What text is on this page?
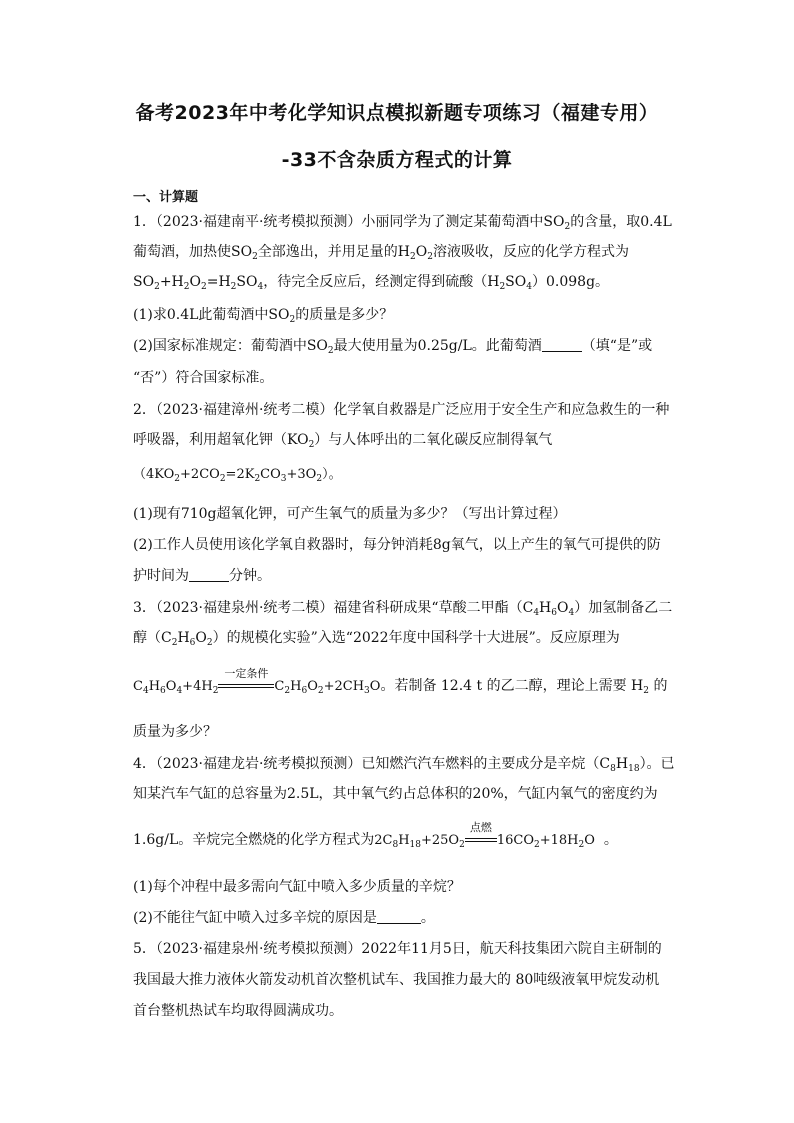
备考2023年中考化学知识点模拟新题专项练习（福建专用）
-33不含杂质方程式的计算
一、计算题
1．（2023·福建南平·统考模拟预测）小丽同学为了测定某葡萄酒中$SO_2$的含量，取0.4L
葡萄酒，加热使$SO_2$全部逸出，并用足量的$H_2O_2$溶液吸收，反应的化学方程式为
$SO_2+H_2O_2=H_2SO_4$，待完全反应后，经测定得到硫酸$(H_2SO_4)0.098g$。
(1)求0.4L此葡萄酒中$SO_2$的质量是多少？
(2)国家标准规定：葡萄酒中$SO_2$最大使用量为0.25g/L。此葡萄酒	（填“是”或
“否”）符合国家标准。
2．（2023·福建漳州·统考二模）化学氧自救器是广泛应用于安全生产和应急救生的一种
呼吸器，利用超氧化钾$(KO_2)$与人体呼出的二氧化碳反应制得氧气
$(4KO_2+2CO_2=2K_2CO_3+3O_2)$。
(1)现有710g超氧化钾，可产生氧气的质量为多少？（写出计算过程）
(2)工作人员使用该化学氧自救器时，每分钟消耗8g氧气，以上产生的氧气可提供的防
护时间为	分钟。
3．（2023·福建泉州·统考二模）福建省科研成果“草酸二甲酯$(C_4H_6O_4)$加氢制备乙二
醇$(C_2H_6O_2)$的规模化实验”入选“2022年度中国科学十大进展”。反应原理为
$C_4H_6O_4+4H_2$
一定条件
$C_2H_6O_2+2CH_3O$。若制备 12.4 t 的乙二醇，理论上需要 $H_2$ 的
质量为多少？
4．（2023·福建龙岩·统考模拟预测）已知燃汽汽车燃料的主要成分是辛烷$(C_8H_{18})$。已
知某汽车气缸的总容量为2.5L，其中氧气约占总体积的20%，气缸内氧气的密度约为
1.6g/L。辛烷完全燃烧的化学方程式为$2C_8H_{18}+25O_2$
点燃
$16CO_2+18H_2O$ 。
(1)每个冲程中最多需向气缸中喷入多少质量的辛烷？
(2)不能往气缸中喷入过多辛烷的原因是	。
5．（2023·福建泉州·统考模拟预测）2022年11月5日，航天科技集团六院自主研制的
我国最大推力液体火箭发动机首次整机试车、我国推力最大的 80吨级液氧甲烷发动机
首台整机热试车均取得圆满成功。
